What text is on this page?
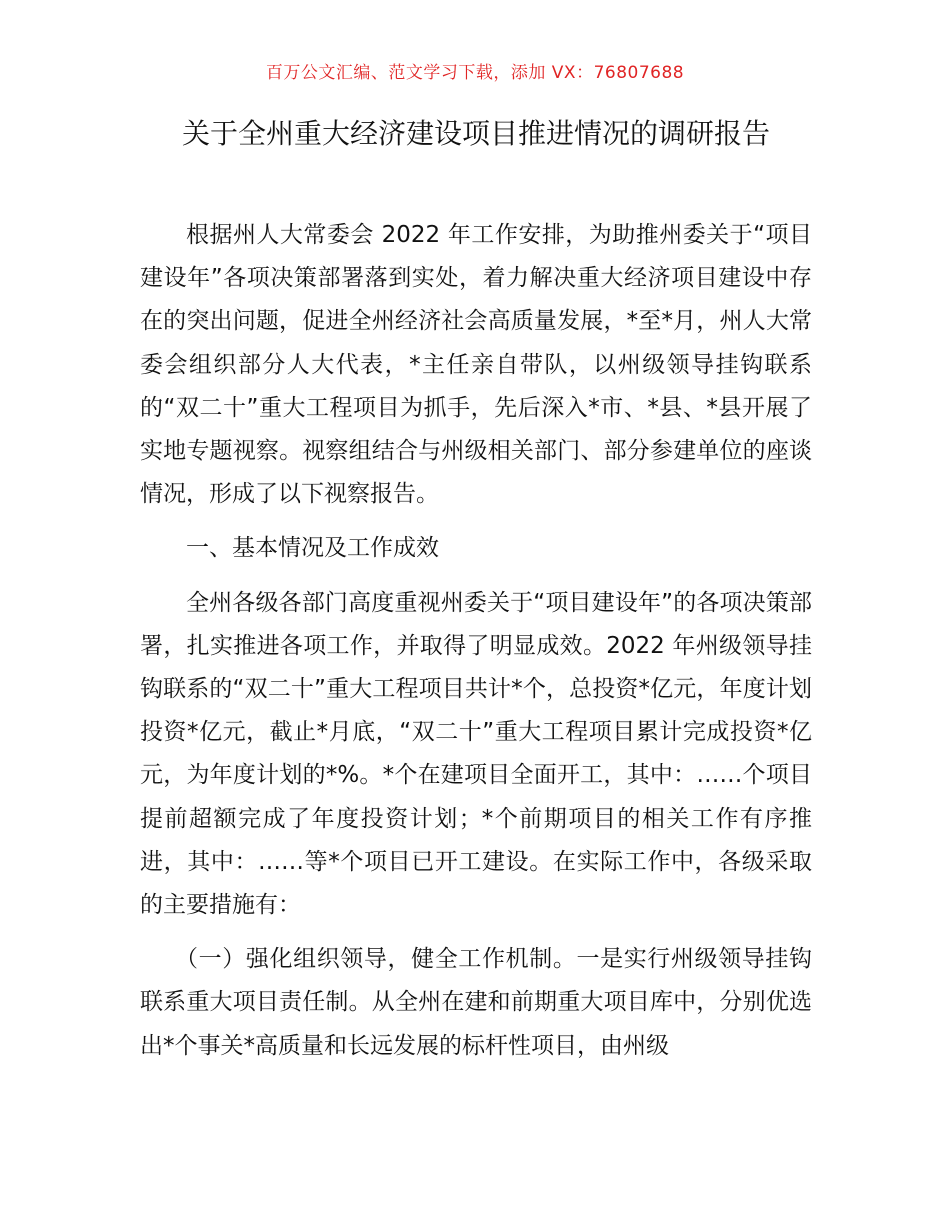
百万公文汇编、范文学习下载，添加 VX：76807688
关于全州重大经济建设项目推进情况的调研报告

根据州人大常委会 2022 年工作安排，为助推州委关于“项目建设年”各项决策部署落到实处，着力解决重大经济项目建设中存在的突出问题，促进全州经济社会高质量发展，*至*月，州人大常委会组织部分人大代表，*主任亲自带队，以州级领导挂钩联系的“双二十”重大工程项目为抓手，先后深入*市、*县、*县开展了实地专题视察。视察组结合与州级相关部门、部分参建单位的座谈情况，形成了以下视察报告。

一、基本情况及工作成效

全州各级各部门高度重视州委关于“项目建设年”的各项决策部署，扎实推进各项工作，并取得了明显成效。2022 年州级领导挂钩联系的“双二十”重大工程项目共计*个，总投资*亿元，年度计划投资*亿元，截止*月底，“双二十”重大工程项目累计完成投资*亿元，为年度计划的*%。*个在建项目全面开工，其中：……个项目提前超额完成了年度投资计划；*个前期项目的相关工作有序推进，其中：……等*个项目已开工建设。在实际工作中，各级采取的主要措施有：

（一）强化组织领导，健全工作机制。一是实行州级领导挂钩联系重大项目责任制。从全州在建和前期重大项目库中，分别优选出*个事关*高质量和长远发展的标杆性项目，由州级
